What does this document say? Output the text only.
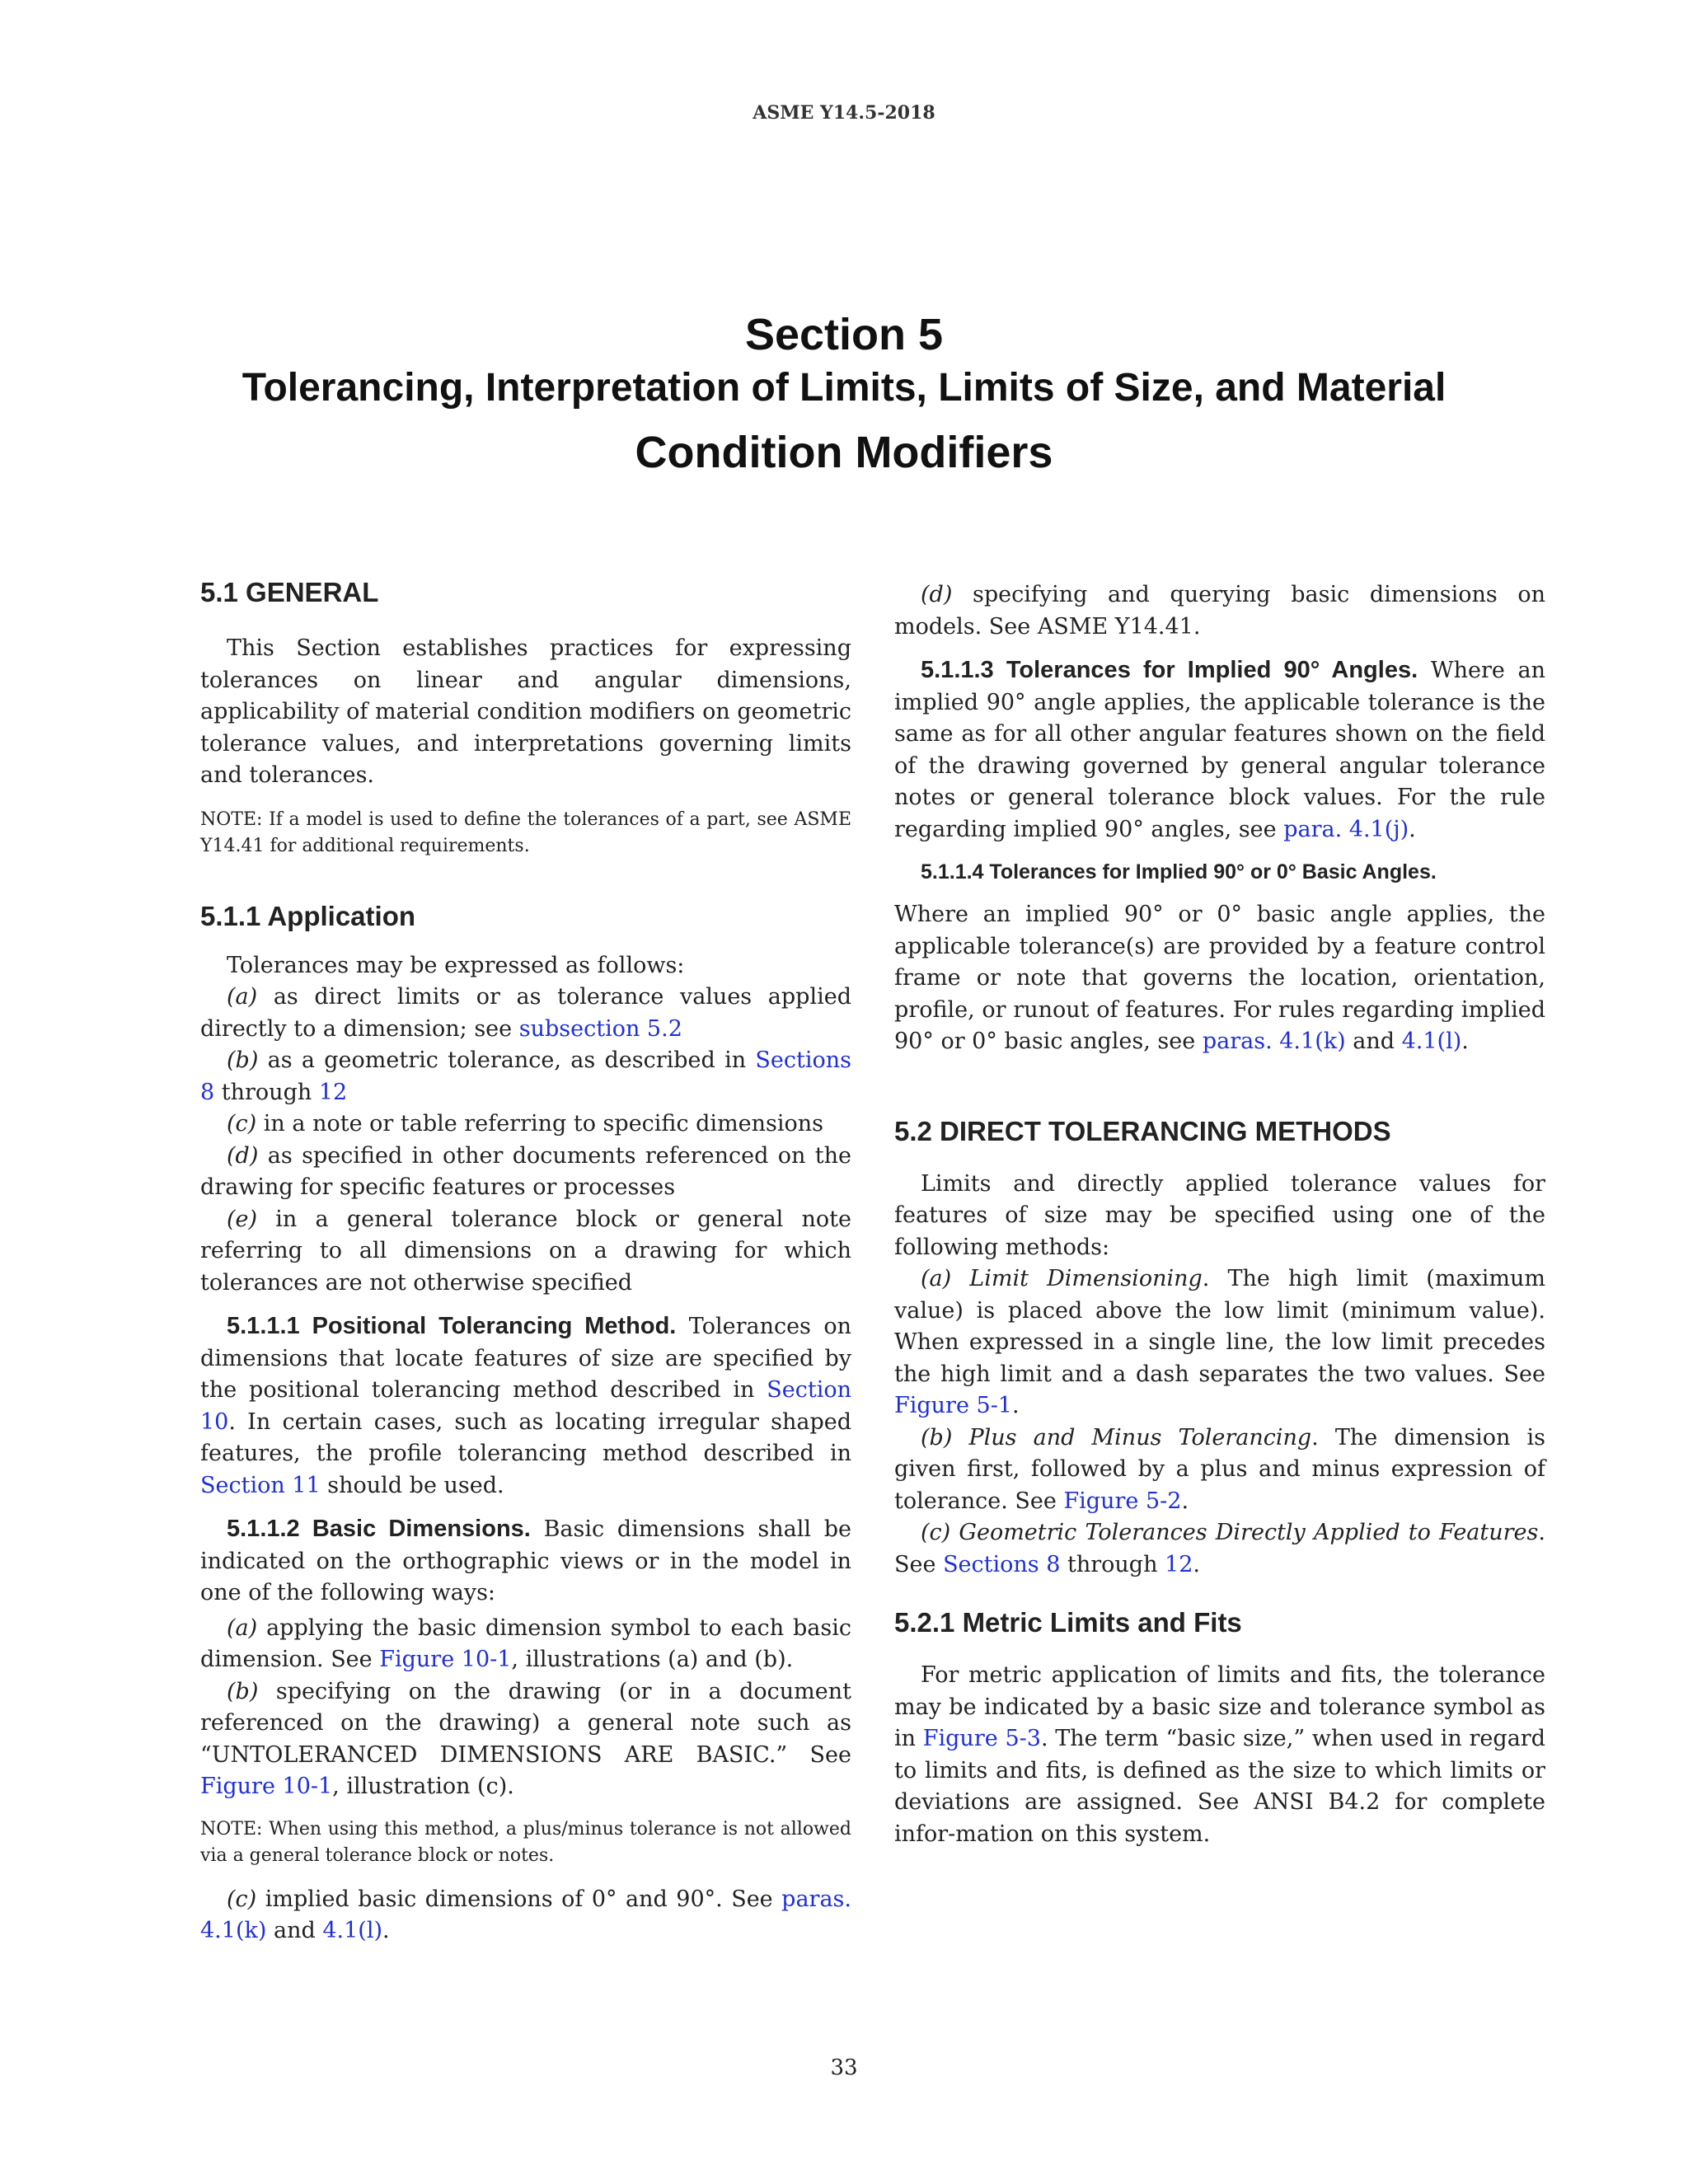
ASME Y14.5-2018
Section 5
Tolerancing, Interpretation of Limits, Limits of Size, and Material
Condition Modifiers
5.1 GENERAL

This Section establishes practices for expressing tolerances on linear and angular dimensions, applicability of material condition modifiers on geometric tolerance values, and interpretations governing limits and tolerances.

NOTE: If a model is used to define the tolerances of a part, see ASME Y14.41 for additional requirements.

5.1.1 Application

Tolerances may be expressed as follows:

(a) as direct limits or as tolerance values applied directly to a dimension; see subsection 5.2

(b) as a geometric tolerance, as described in Sections 8 through 12

(c) in a note or table referring to specific dimensions

(d) as specified in other documents referenced on the drawing for specific features or processes

(e) in a general tolerance block or general note referring to all dimensions on a drawing for which tolerances are not otherwise specified

5.1.1.1 Positional Tolerancing Method. Tolerances on dimensions that locate features of size are specified by the positional tolerancing method described in Section 10. In certain cases, such as locating irregular shaped features, the profile tolerancing method described in Section 11 should be used.

5.1.1.2 Basic Dimensions. Basic dimensions shall be indicated on the orthographic views or in the model in one of the following ways:

(a) applying the basic dimension symbol to each basic dimension. See Figure 10-1, illustrations (a) and (b).

(b) specifying on the drawing (or in a document referenced on the drawing) a general note such as “UNTOLERANCED DIMENSIONS ARE BASIC.” See Figure 10-1, illustration (c).

NOTE: When using this method, a plus/minus tolerance is not allowed via a general tolerance block or notes.

(c) implied basic dimensions of 0° and 90°. See paras. 4.1(k) and 4.1(l).

(d) specifying and querying basic dimensions on models. See ASME Y14.41.

5.1.1.3 Tolerances for Implied 90° Angles. Where an implied 90° angle applies, the applicable tolerance is the same as for all other angular features shown on the field of the drawing governed by general angular tolerance notes or general tolerance block values. For the rule regarding implied 90° angles, see para. 4.1(j).

5.1.1.4 Tolerances for Implied 90° or 0° Basic Angles.

Where an implied 90° or 0° basic angle applies, the applicable tolerance(s) are provided by a feature control frame or note that governs the location, orientation, profile, or runout of features. For rules regarding implied 90° or 0° basic angles, see paras. 4.1(k) and 4.1(l).

5.2 DIRECT TOLERANCING METHODS

Limits and directly applied tolerance values for features of size may be specified using one of the following methods:

(a) Limit Dimensioning. The high limit (maximum value) is placed above the low limit (minimum value). When expressed in a single line, the low limit precedes the high limit and a dash separates the two values. See Figure 5-1.

(b) Plus and Minus Tolerancing. The dimension is given first, followed by a plus and minus expression of tolerance. See Figure 5-2.

(c) Geometric Tolerances Directly Applied to Features. See Sections 8 through 12.

5.2.1 Metric Limits and Fits

For metric application of limits and fits, the tolerance may be indicated by a basic size and tolerance symbol as in Figure 5-3. The term “basic size,” when used in regard to limits and fits, is defined as the size to which limits or deviations are assigned. See ANSI B4.2 for complete infor-mation on this system.

33
